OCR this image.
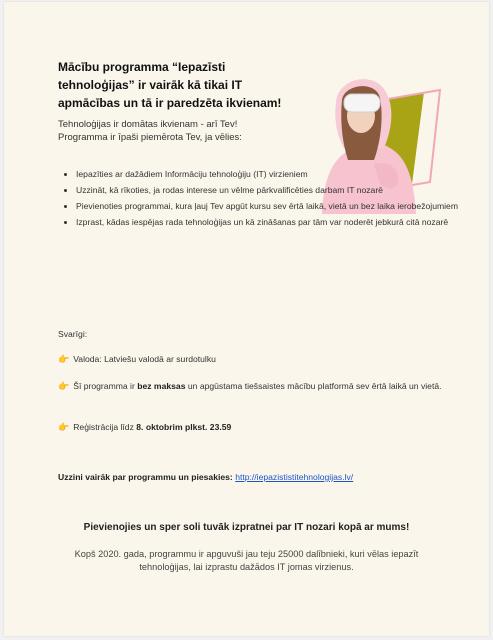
Mācību programma “Iepazīsti tehnoloģijas” ir vairāk kā tikai IT apmācības un tā ir paredzēta ikvienam!
Tehnoloģijas ir domātas ikvienam - arī Tev!
Programma ir īpaši piemērota Tev, ja vēlies:
• Iepazīties ar dažādiem Informāciju tehnoloģiju (IT) virzieniem
• Uzzināt, kā rīkoties, ja rodas interese un vēlme pārkvalificēties darbam IT nozarē
• Pievienoties programmai, kura ļauj Tev apgūt kursu sev ērtā laikā, vietā un bez laika ierobežojumiem
• Izprast, kādas iespējas rada tehnoloģijas un kā zināšanas par tām var noderēt jebkurā citā nozarē
Svarīgi:
👉 Valoda: Latviešu valodā ar surdotulku
👉 Šī programma ir bez maksas un apgūstama tiešsaistes mācību platformā sev ērtā laikā un vietā.
👉 Reģistrācija līdz 8. oktobrim plkst. 23.59
Uzzini vairāk par programmu un piesakies: http://iepazististitehnologijas.lv/
Pievienojies un sper soli tuvāk izpratnei par IT nozari kopā ar mums!
Kopš 2020. gada, programmu ir apguvuši jau teju 25000 dalībnieki, kuri vēlas iepazīt tehnoloģijas, lai izprastu dažādos IT jomas virzienus.
